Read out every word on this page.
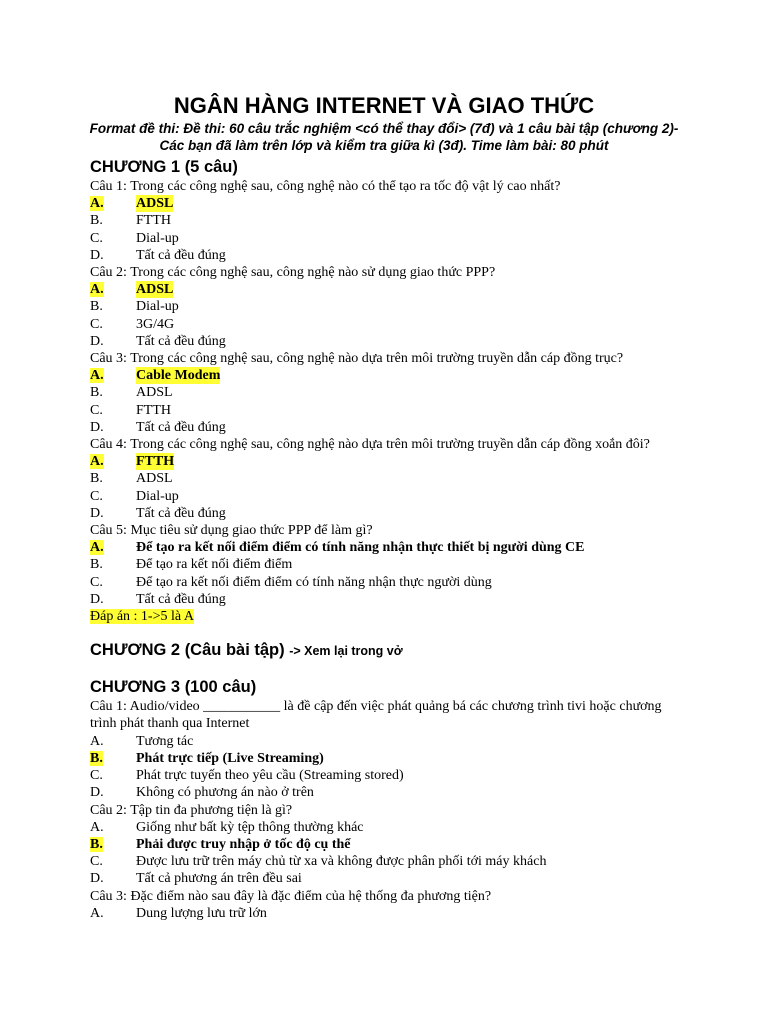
NGÂN HÀNG INTERNET VÀ GIAO THỨC
Format đề thi: Đề thi: 60 câu trắc nghiệm <có thể thay đổi> (7đ) và 1 câu bài tập (chương 2)- Các bạn đã làm trên lớp và kiểm tra giữa kì (3đ). Time làm bài: 80 phút
CHƯƠNG 1 (5 câu)
Câu 1: Trong các công nghệ sau, công nghệ nào có thể tạo ra tốc độ vật lý cao nhất?
A.	ADSL
B.	FTTH
C.	Dial-up
D.	Tất cả đều đúng
Câu 2: Trong các công nghệ sau, công nghệ nào sử dụng giao thức PPP?
A.	ADSL
B.	Dial-up
C.	3G/4G
D.	Tất cả đều đúng
Câu 3: Trong các công nghệ sau, công nghệ nào dựa trên môi trường truyền dẫn cáp đồng trục?
A.	Cable Modem
B.	ADSL
C.	FTTH
D.	Tất cả đều đúng
Câu 4: Trong các công nghệ sau, công nghệ nào dựa trên môi trường truyền dẫn cáp đồng xoắn đôi?
A.	FTTH
B.	ADSL
C.	Dial-up
D.	Tất cả đều đúng
Câu 5: Mục tiêu sử dụng giao thức PPP để làm gì?
A.	Để tạo ra kết nối điểm điểm có tính năng nhận thực thiết bị người dùng CE
B.	Để tạo ra kết nối điểm điểm
C.	Để tạo ra kết nối điểm điểm có tính năng nhận thực người dùng
D.	Tất cả đều đúng
Đáp án : 1->5 là A
CHƯƠNG 2 (Câu bài tập) -> Xem lại trong vở
CHƯƠNG 3 (100 câu)
Câu 1: Audio/video ___________ là đề cập đến việc phát quảng bá các chương trình tivi hoặc chương trình phát thanh qua Internet
A.	Tương tác
B.	Phát trực tiếp (Live Streaming)
C.	Phát trực tuyến theo yêu cầu (Streaming stored)
D.	Không có phương án nào ở trên
Câu 2: Tập tin đa phương tiện là gì?
A.	Giống như bất kỳ tệp thông thường khác
B.	Phải được truy nhập ở tốc độ cụ thể
C.	Được lưu trữ trên máy chủ từ xa và không được phân phối tới máy khách
D.	Tất cả phương án trên đều sai
Câu 3: Đặc điểm nào sau đây là đặc điểm của hệ thống đa phương tiện?
A.	Dung lượng lưu trữ lớn
